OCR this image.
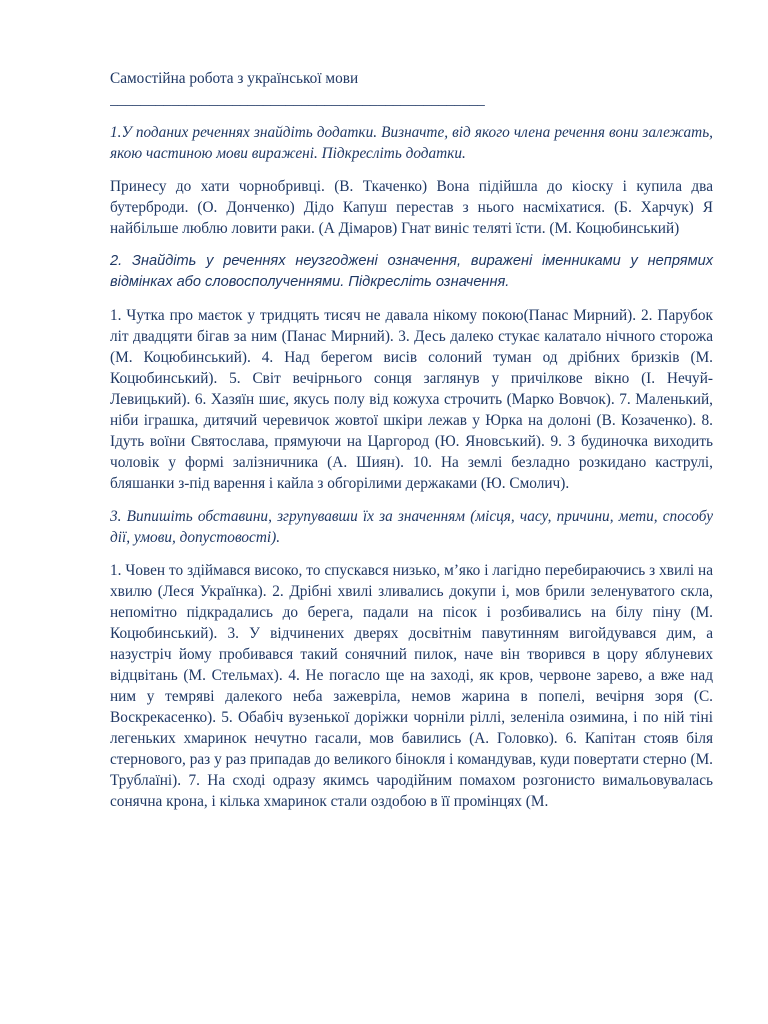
Самостійна робота з української мови

_________________________________________________

1.У поданих реченнях знайдіть додатки. Визначте, від якого члена речення вони залежать, якою частиною мови виражені. Підкресліть додатки.

Принесу до хати чорнобривці. (В. Ткаченко) Вона підійшла до кіоску і купила два бутерброди. (О. Донченко) Дідо Капуш перестав з нього насміхатися. (Б. Харчук) Я найбільше люблю ловити раки. (А Дімаров) Гнат виніс теляті їсти. (М. Коцюбинський)

2. Знайдіть у реченнях неузгоджені означення, виражені іменниками у непрямих відмінках або словосполученнями. Підкресліть означення.

1. Чутка про маєток у тридцять тисяч не давала нікому покою(Панас Мирний). 2. Парубок літ двадцяти бігав за ним (Панас Мирний). 3. Десь далеко стукає калатало нічного сторожа (М. Коцюбинський). 4. Над берегом висів солоний туман од дрібних бризків (М. Коцюбинський). 5. Світ вечірнього сонця заглянув у причілкове вікно (І. Нечуй-Левицький). 6. Хазяїн шиє, якусь полу від кожуха строчить (Марко Вовчок). 7. Маленький, ніби іграшка, дитячий черевичок жовтої шкіри лежав у Юрка на долоні (В. Козаченко). 8. Ідуть воїни Святослава, прямуючи на Царгород (Ю. Яновський). 9. З будиночка виходить чоловік у формі залізничника (А. Шиян). 10. На землі безладно розкидано каструлі, бляшанки з-під варення і кайла з обгорілими держаками (Ю. Смолич).

3. Випишіть обставини, згрупувавши їх за значенням (місця, часу, причини, мети, способу дії, умови, допустовості).

1. Човен то здіймався високо, то спускався низько, м’яко і лагідно перебираючись з хвилі на хвилю (Леся Українка). 2. Дрібні хвилі зливались докупи і, мов брили зеленуватого скла, непомітно підкрадались до берега, падали на пісок і розбивались на білу піну (М. Коцюбинський). 3. У відчинених дверях досвітнім павутинням вигойдувався дим, а назустріч йому пробивався такий сонячний пилок, наче він творився в цору яблуневих відцвітань (М. Стельмах). 4. Не погасло ще на заході, як кров, червоне зарево, а вже над ним у темряві далекого неба зажевріла, немов жарина в попелі, вечірня зоря (С. Воскрекасенко). 5. Обабіч вузенької доріжки чорніли ріллі, зеленіла озимина, і по ній тіні легеньких хмаринок нечутно гасали, мов бавились (А. Головко). 6. Капітан стояв біля стернового, раз у раз припадав до великого бінокля і командував, куди повертати стерно (М. Трублаїні). 7. На сході одразу якимсь чародійним помахом розгонисто вимальовувалась сонячна крона, і кілька хмаринок стали оздобою в її промінцях (М.
